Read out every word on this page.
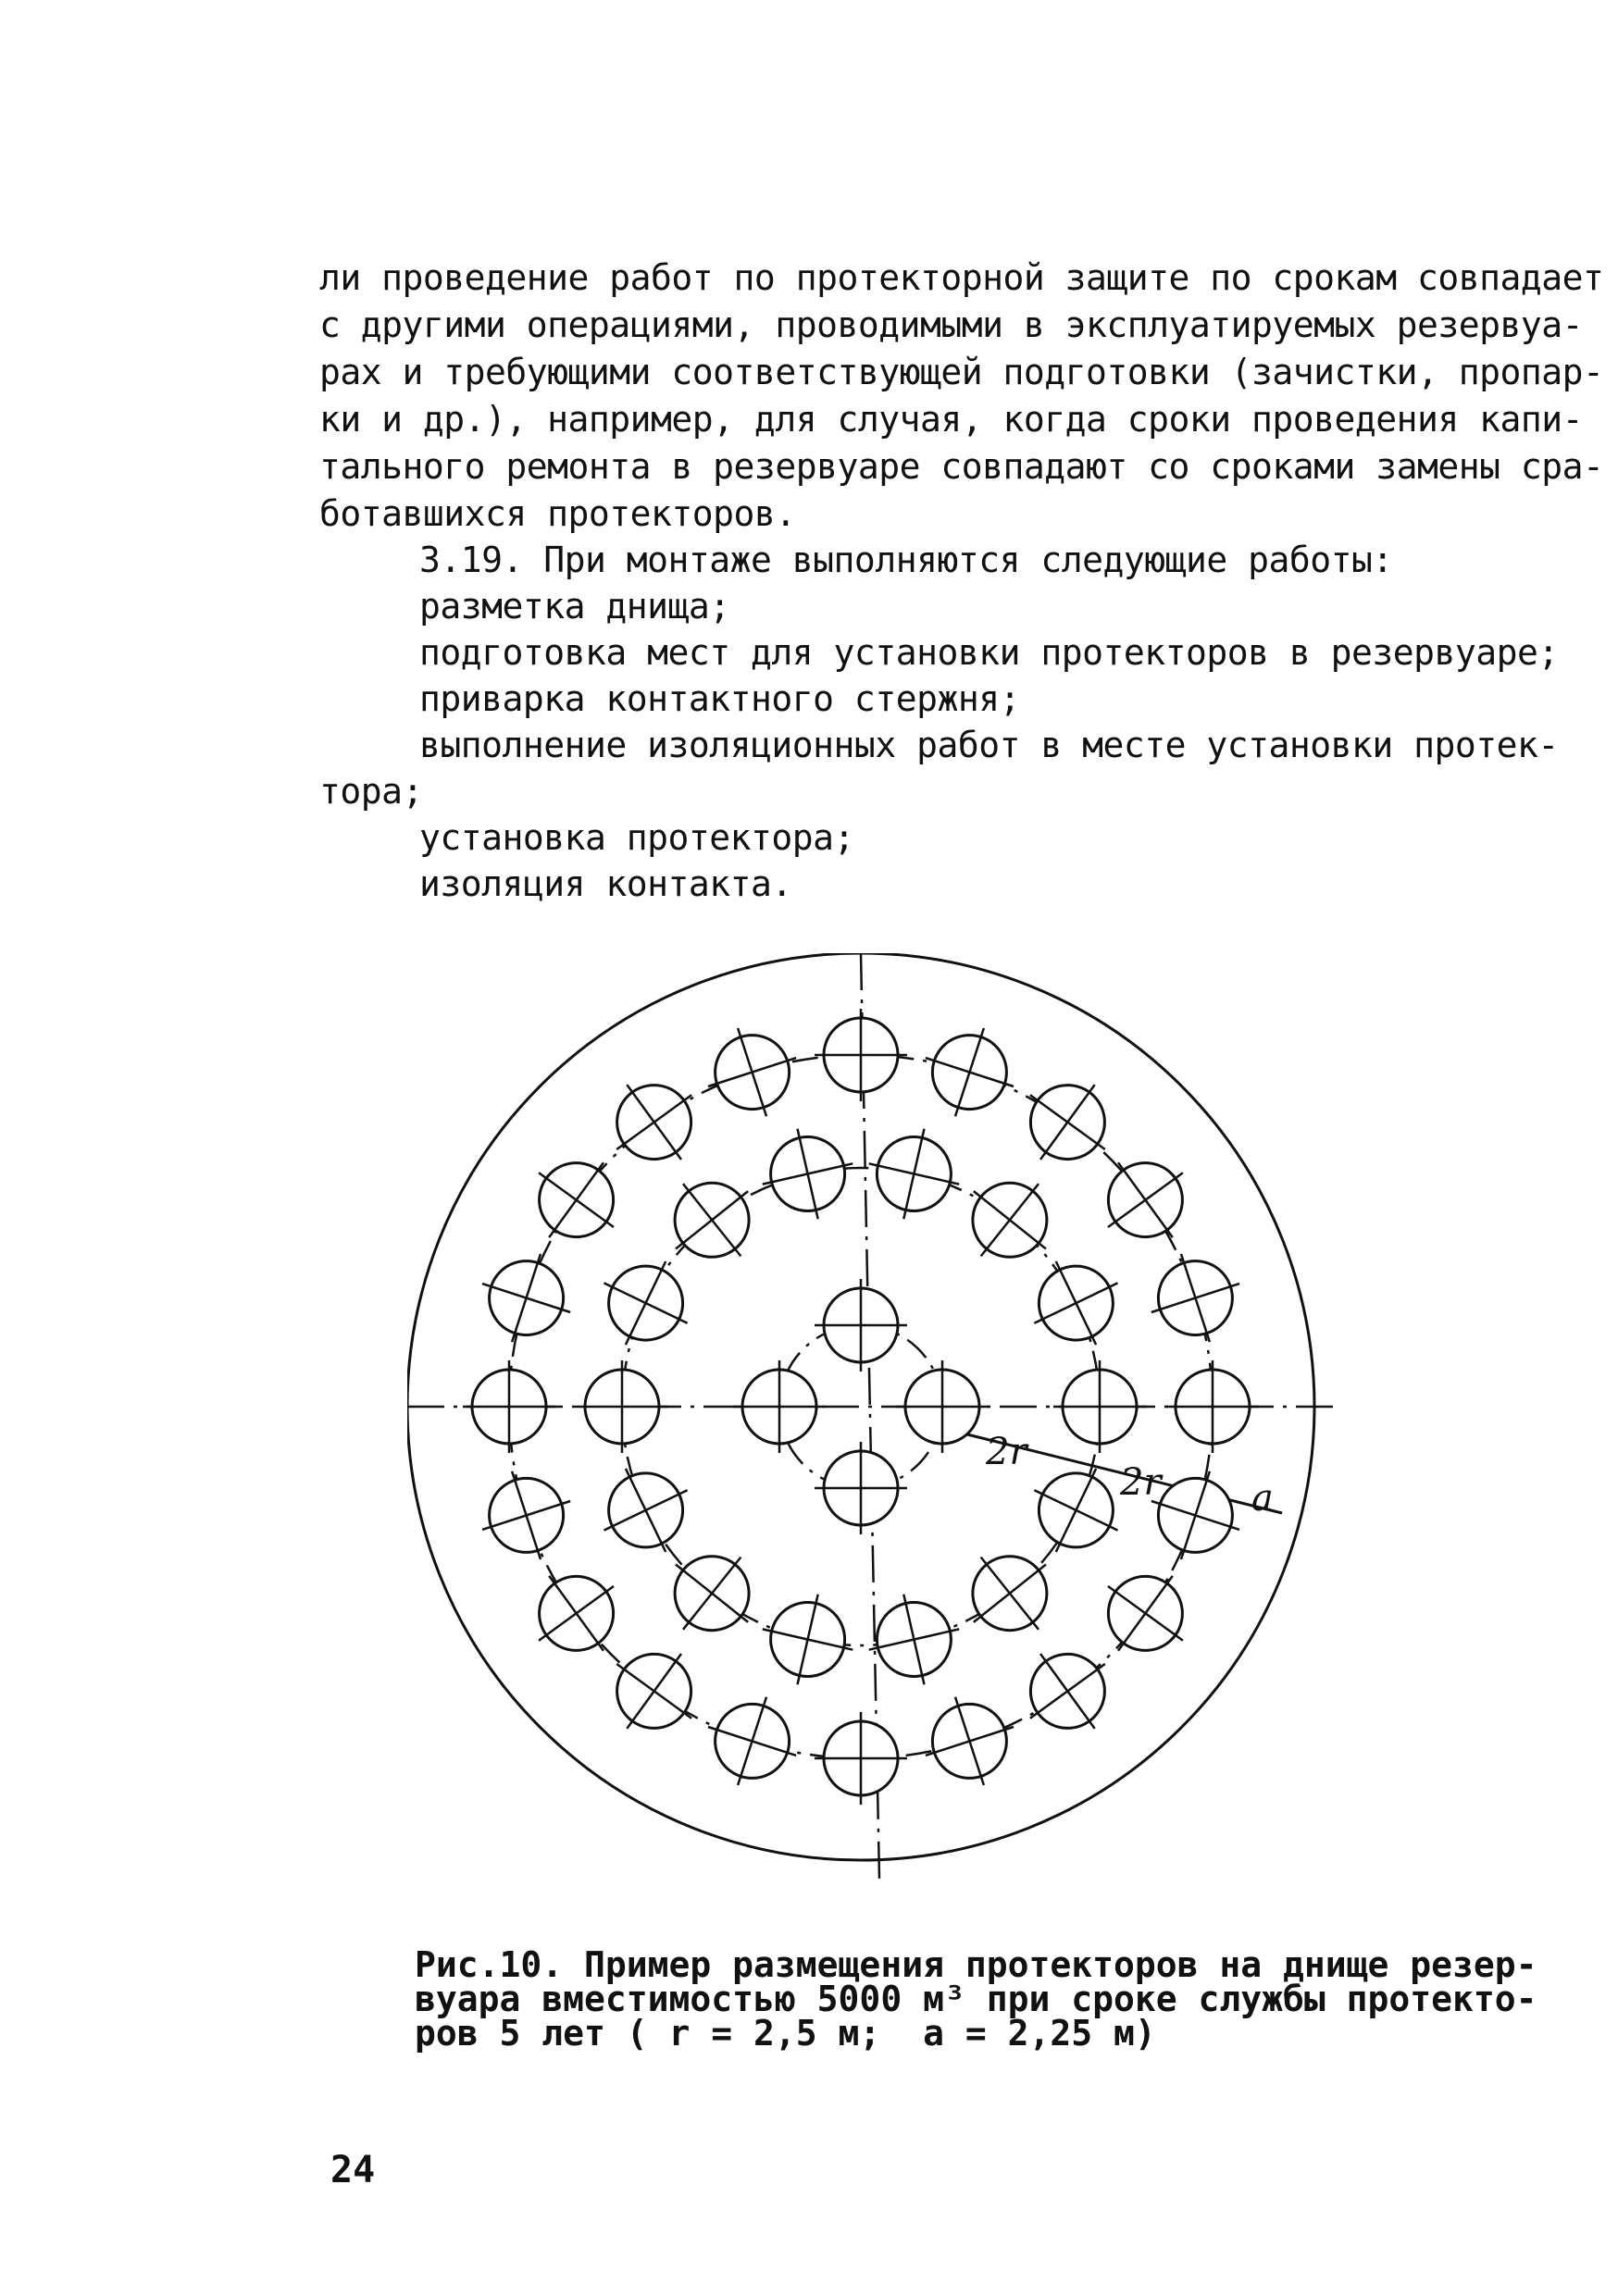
ли проведение работ по протекторной защите по срокам совпадает
с другими операциями, проводимыми в эксплуатируемых резервуа-
рах и требующими соответствующей подготовки (зачистки, пропар-
ки и др.), например, для случая, когда сроки проведения капи-
тального ремонта в резервуаре совпадают со сроками замены сра-
ботавшихся протекторов.
3.19. При монтаже выполняются следующие работы:
разметка днища;
подготовка мест для установки протекторов в резервуаре;
приварка контактного стержня;
выполнение изоляционных работ в месте установки протек-
тора;
установка протектора;
изоляция контакта.
2r
2r a
Рис.10. Пример размещения протекторов на днище резер-
вуара вместимостью 5000 м³ при сроке службы протекто-
ров 5 лет ( r = 2,5 м;  a = 2,25 м)
24
